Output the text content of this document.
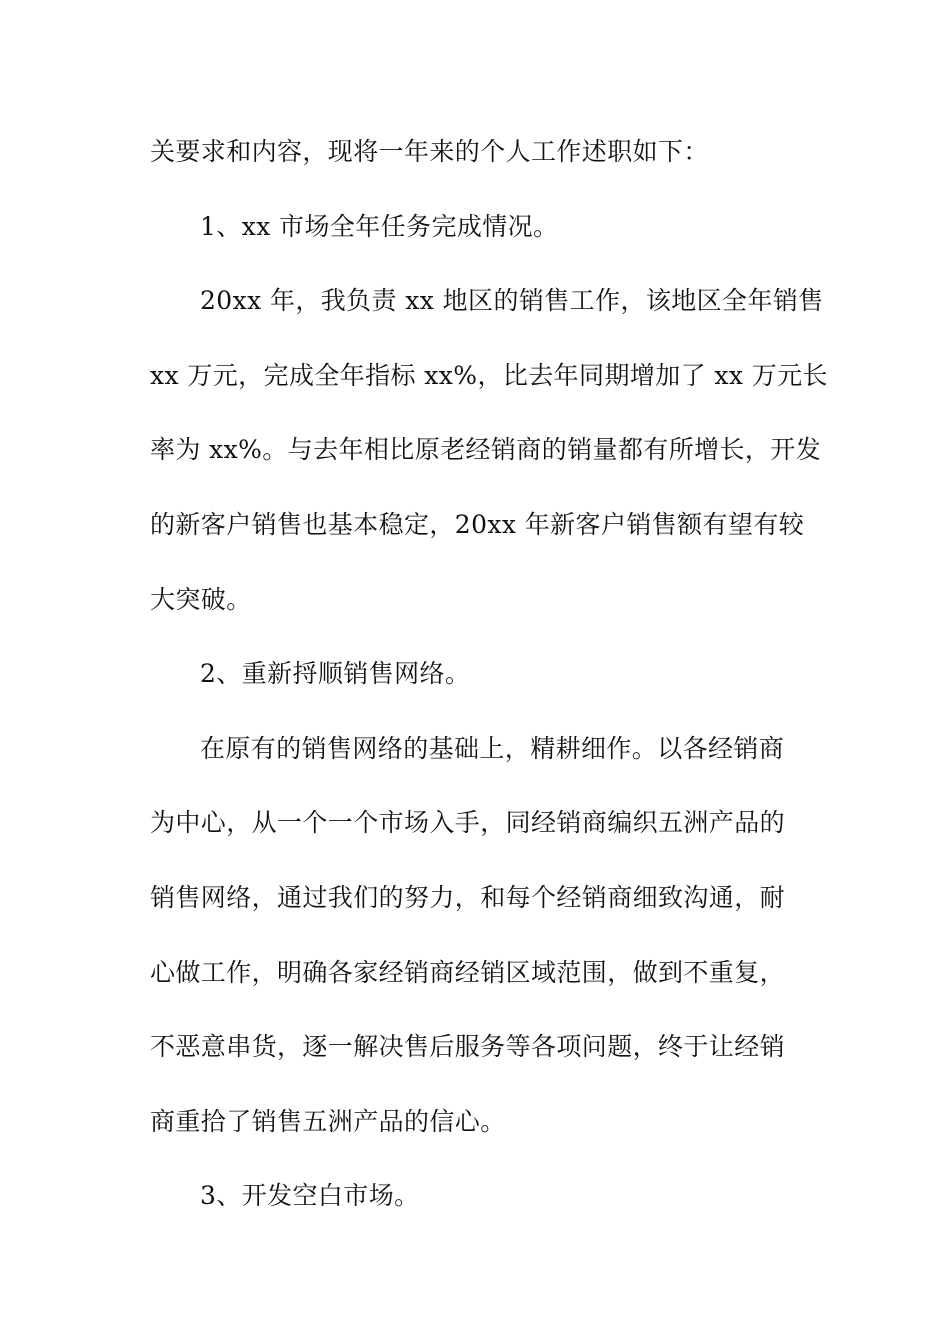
关要求和内容，现将一年来的个人工作述职如下：
1、xx 市场全年任务完成情况。
20xx 年，我负责 xx 地区的销售工作，该地区全年销售
xx 万元，完成全年指标 xx%，比去年同期增加了 xx 万元长
率为 xx%。与去年相比原老经销商的销量都有所增长，开发
的新客户销售也基本稳定，20xx 年新客户销售额有望有较
大突破。
2、重新捋顺销售网络。
在原有的销售网络的基础上，精耕细作。以各经销商
为中心，从一个一个市场入手，同经销商编织五洲产品的
销售网络，通过我们的努力，和每个经销商细致沟通，耐
心做工作，明确各家经销商经销区域范围，做到不重复，
不恶意串货，逐一解决售后服务等各项问题，终于让经销
商重拾了销售五洲产品的信心。
3、开发空白市场。
